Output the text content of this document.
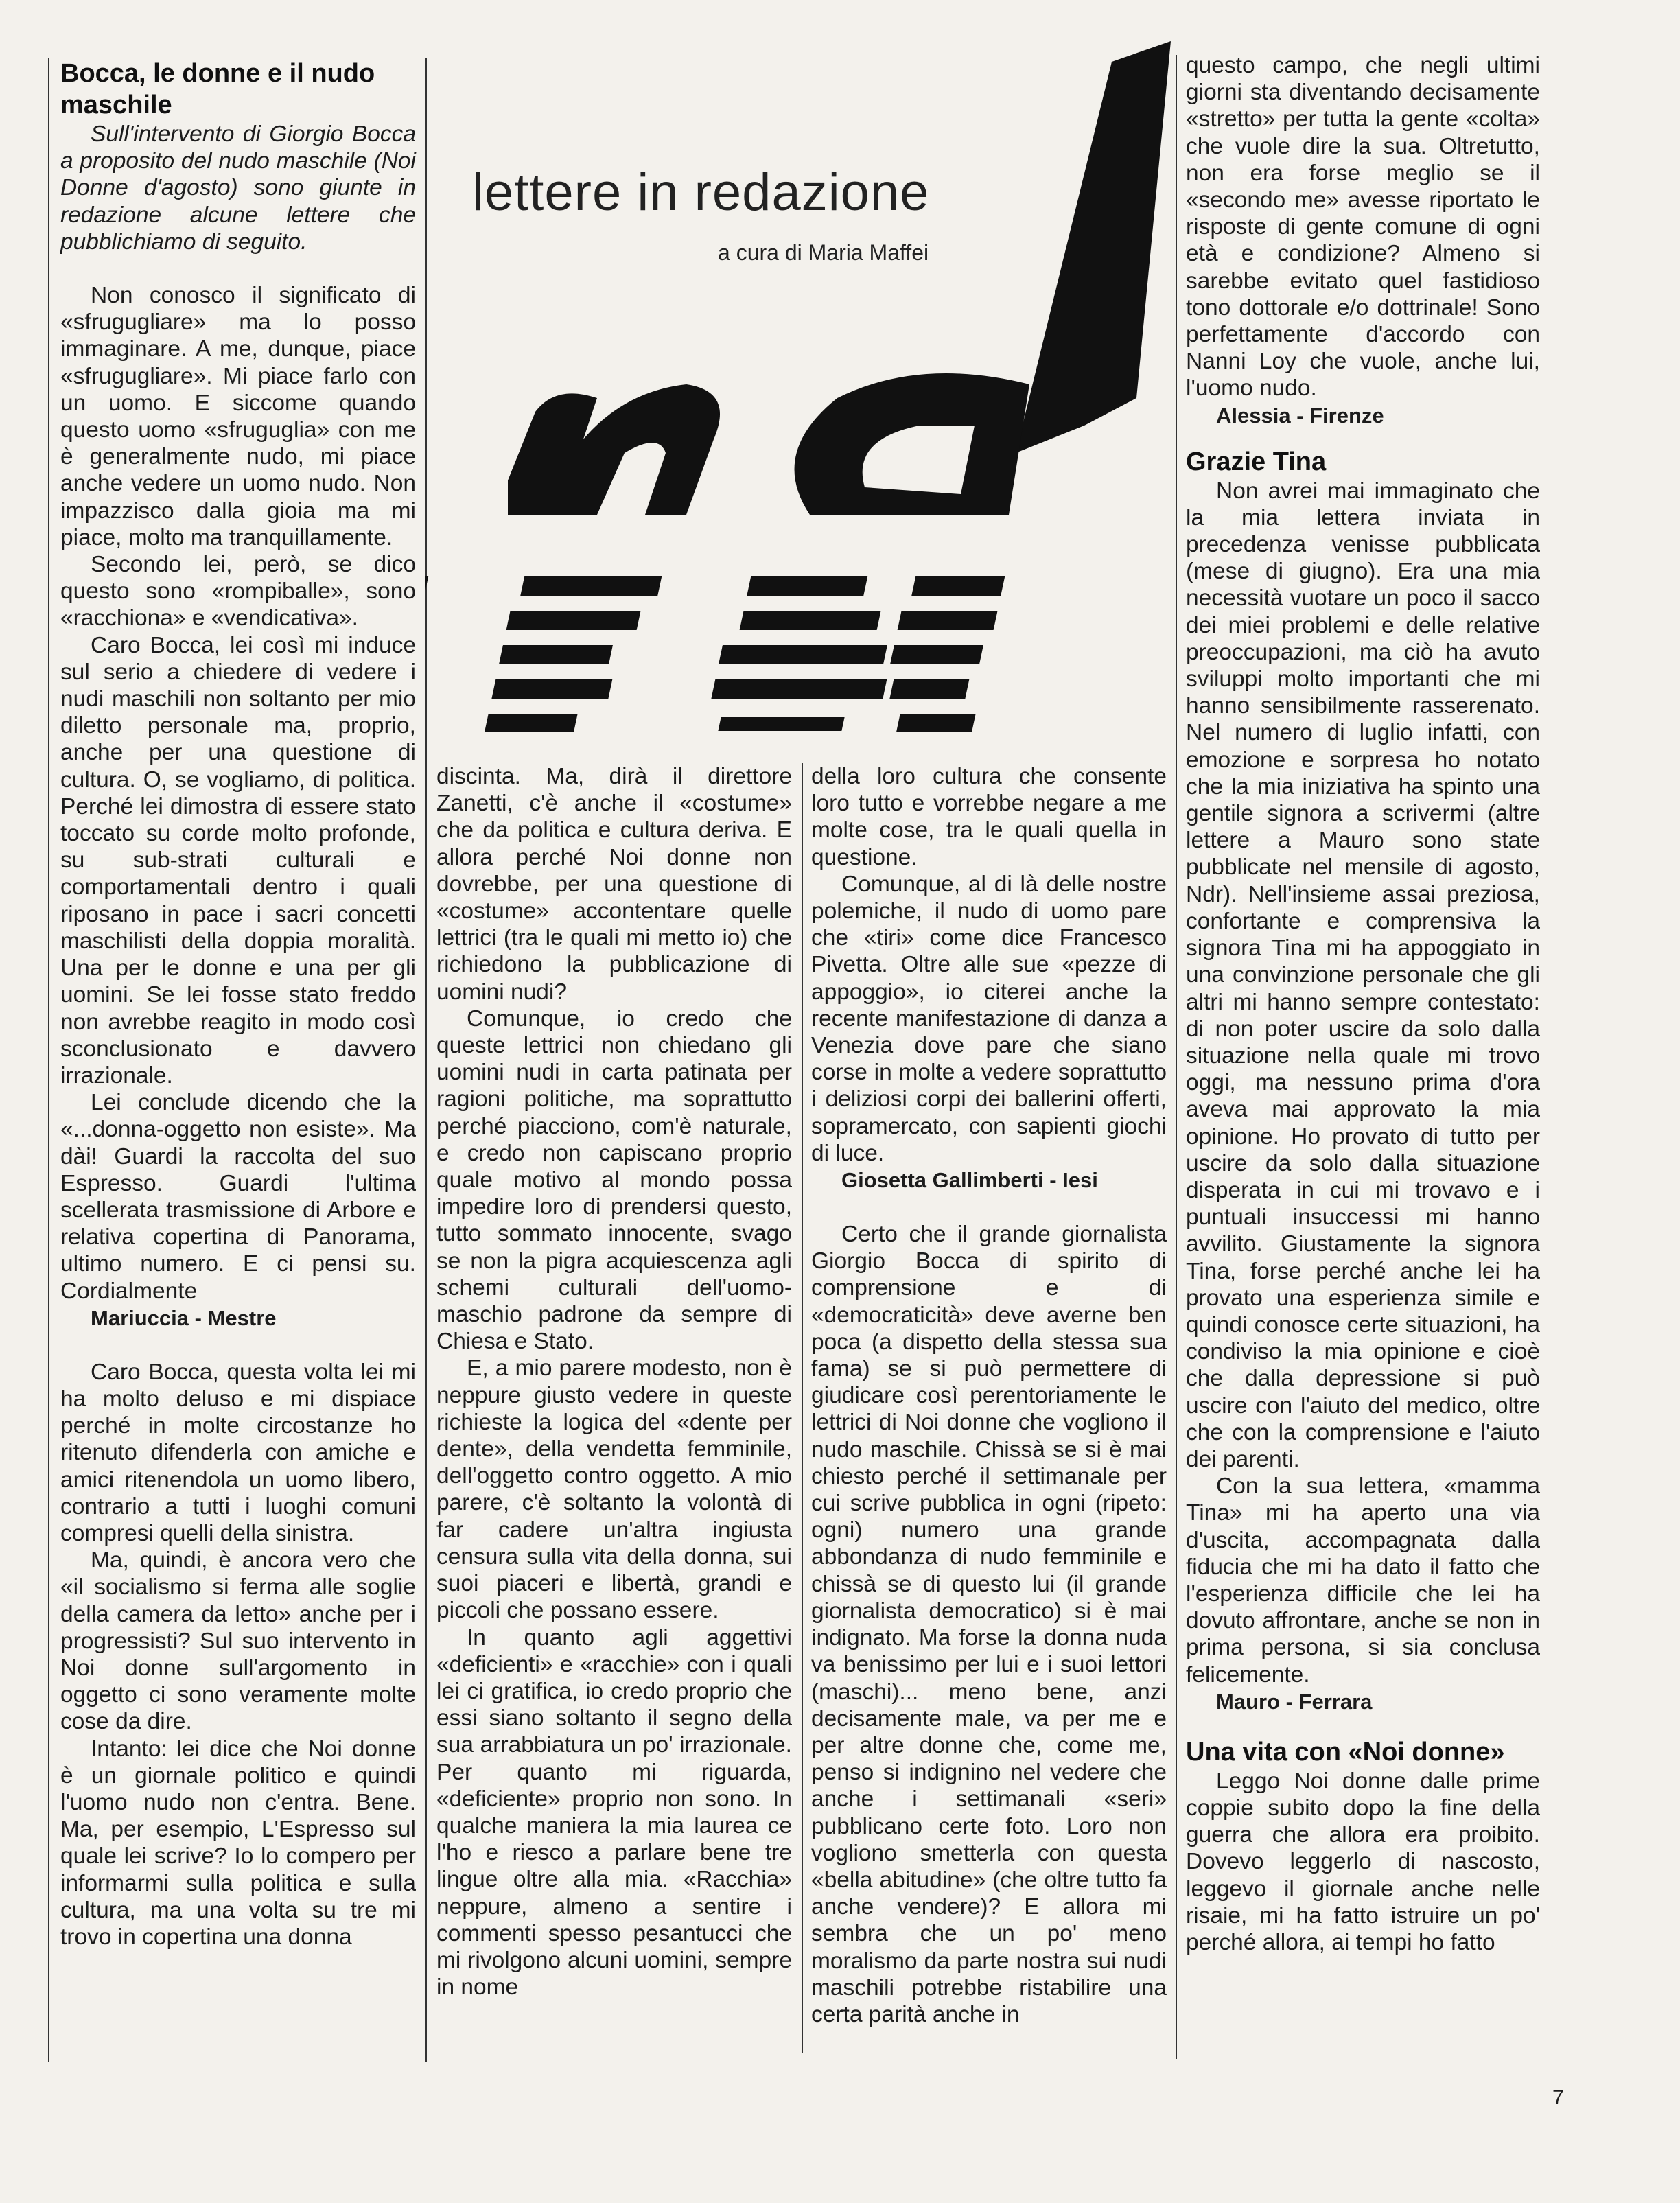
lettere in redazione
a cura di Maria Maffei
Bocca, le donne e il nudo maschile

Sull'intervento di Giorgio Bocca a proposito del nudo maschile (Noi Donne d'agosto) sono giunte in redazione alcune lettere che pubblichiamo di seguito.

Non conosco il significato di «sfrugugliare» ma lo posso immaginare. A me, dunque, piace «sfrugugliare». Mi piace farlo con un uomo. E siccome quando questo uomo «sfruguglia» con me è generalmente nudo, mi piace anche vedere un uomo nudo. Non impazzisco dalla gioia ma mi piace, molto ma tranquillamente.

Secondo lei, però, se dico questo sono «rompiballe», sono «racchiona» e «vendicativa».

Caro Bocca, lei così mi induce sul serio a chiedere di vedere i nudi maschili non soltanto per mio diletto personale ma, proprio, anche per una questione di cultura. O, se vogliamo, di politica. Perché lei dimostra di essere stato toccato su corde molto profonde, su sub-strati culturali e comportamentali dentro i quali riposano in pace i sacri concetti maschilisti della doppia moralità. Una per le donne e una per gli uomini. Se lei fosse stato freddo non avrebbe reagito in modo così sconclusionato e davvero irrazionale.

Lei conclude dicendo che la «...donna-oggetto non esiste». Ma dài! Guardi la raccolta del suo Espresso. Guardi l'ultima scellerata trasmissione di Arbore e relativa copertina di Panorama, ultimo numero. E ci pensi su. Cordialmente

Mariuccia - Mestre

Caro Bocca, questa volta lei mi ha molto deluso e mi dispiace perché in molte circostanze ho ritenuto difenderla con amiche e amici ritenendola un uomo libero, contrario a tutti i luoghi comuni compresi quelli della sinistra.

Ma, quindi, è ancora vero che «il socialismo si ferma alle soglie della camera da letto» anche per i progressisti? Sul suo intervento in Noi donne sull'argomento in oggetto ci sono veramente molte cose da dire.

Intanto: lei dice che Noi donne è un giornale politico e quindi l'uomo nudo non c'entra. Bene. Ma, per esempio, L'Espresso sul quale lei scrive? Io lo compero per informarmi sulla politica e sulla cultura, ma una volta su tre mi trovo in copertina una donna

discinta. Ma, dirà il direttore Zanetti, c'è anche il «costume» che da politica e cultura deriva. E allora perché Noi donne non dovrebbe, per una questione di «costume» accontentare quelle lettrici (tra le quali mi metto io) che richiedono la pubblicazione di uomini nudi?

Comunque, io credo che queste lettrici non chiedano gli uomini nudi in carta patinata per ragioni politiche, ma soprattutto perché piacciono, com'è naturale, e credo non capiscano proprio quale motivo al mondo possa impedire loro di prendersi questo, tutto sommato innocente, svago se non la pigra acquiescenza agli schemi culturali dell'uomo-maschio padrone da sempre di Chiesa e Stato.

E, a mio parere modesto, non è neppure giusto vedere in queste richieste la logica del «dente per dente», della vendetta femminile, dell'oggetto contro oggetto. A mio parere, c'è soltanto la volontà di far cadere un'altra ingiusta censura sulla vita della donna, sui suoi piaceri e libertà, grandi e piccoli che possano essere.

In quanto agli aggettivi «deficienti» e «racchie» con i quali lei ci gratifica, io credo proprio che essi siano soltanto il segno della sua arrabbiatura un po' irrazionale. Per quanto mi riguarda, «deficiente» proprio non sono. In qualche maniera la mia laurea ce l'ho e riesco a parlare bene tre lingue oltre alla mia. «Racchia» neppure, almeno a sentire i commenti spesso pesantucci che mi rivolgono alcuni uomini, sempre in nome

della loro cultura che consente loro tutto e vorrebbe negare a me molte cose, tra le quali quella in questione.

Comunque, al di là delle nostre polemiche, il nudo di uomo pare che «tiri» come dice Francesco Pivetta. Oltre alle sue «pezze di appoggio», io citerei anche la recente manifestazione di danza a Venezia dove pare che siano corse in molte a vedere soprattutto i deliziosi corpi dei ballerini offerti, sopramercato, con sapienti giochi di luce.

Giosetta Gallimberti - Iesi

Certo che il grande giornalista Giorgio Bocca di spirito di comprensione e di «democraticità» deve averne ben poca (a dispetto della stessa sua fama) se si può permettere di giudicare così perentoriamente le lettrici di Noi donne che vogliono il nudo maschile. Chissà se si è mai chiesto perché il settimanale per cui scrive pubblica in ogni (ripeto: ogni) numero una grande abbondanza di nudo femminile e chissà se di questo lui (il grande giornalista democratico) si è mai indignato. Ma forse la donna nuda va benissimo per lui e i suoi lettori (maschi)... meno bene, anzi decisamente male, va per me e per altre donne che, come me, penso si indignino nel vedere che anche i settimanali «seri» pubblicano certe foto. Loro non vogliono smetterla con questa «bella abitudine» (che oltre tutto fa anche vendere)? E allora mi sembra che un po' meno moralismo da parte nostra sui nudi maschili potrebbe ristabilire una certa parità anche in

questo campo, che negli ultimi giorni sta diventando decisamente «stretto» per tutta la gente «colta» che vuole dire la sua. Oltretutto, non era forse meglio se il «secondo me» avesse riportato le risposte di gente comune di ogni età e condizione? Almeno si sarebbe evitato quel fastidioso tono dottorale e/o dottrinale! Sono perfettamente d'accordo con Nanni Loy che vuole, anche lui, l'uomo nudo.

Alessia - Firenze

Grazie Tina

Non avrei mai immaginato che la mia lettera inviata in precedenza venisse pubblicata (mese di giugno). Era una mia necessità vuotare un poco il sacco dei miei problemi e delle relative preoccupazioni, ma ciò ha avuto sviluppi molto importanti che mi hanno sensibilmente rasserenato. Nel numero di luglio infatti, con emozione e sorpresa ho notato che la mia iniziativa ha spinto una gentile signora a scrivermi (altre lettere a Mauro sono state pubblicate nel mensile di agosto, Ndr). Nell'insieme assai preziosa, confortante e comprensiva la signora Tina mi ha appoggiato in una convinzione personale che gli altri mi hanno sempre contestato: di non poter uscire da solo dalla situazione nella quale mi trovo oggi, ma nessuno prima d'ora aveva mai approvato la mia opinione. Ho provato di tutto per uscire da solo dalla situazione disperata in cui mi trovavo e i puntuali insuccessi mi hanno avvilito. Giustamente la signora Tina, forse perché anche lei ha provato una esperienza simile e quindi conosce certe situazioni, ha condiviso la mia opinione e cioè che dalla depressione si può uscire con l'aiuto del medico, oltre che con la comprensione e l'aiuto dei parenti.

Con la sua lettera, «mamma Tina» mi ha aperto una via d'uscita, accompagnata dalla fiducia che mi ha dato il fatto che l'esperienza difficile che lei ha dovuto affrontare, anche se non in prima persona, si sia conclusa felicemente.

Mauro - Ferrara

Una vita con «Noi donne»

Leggo Noi donne dalle prime coppie subito dopo la fine della guerra che allora era proibito. Dovevo leggerlo di nascosto, leggevo il giornale anche nelle risaie, mi ha fatto istruire un po' perché allora, ai tempi ho fatto

7
